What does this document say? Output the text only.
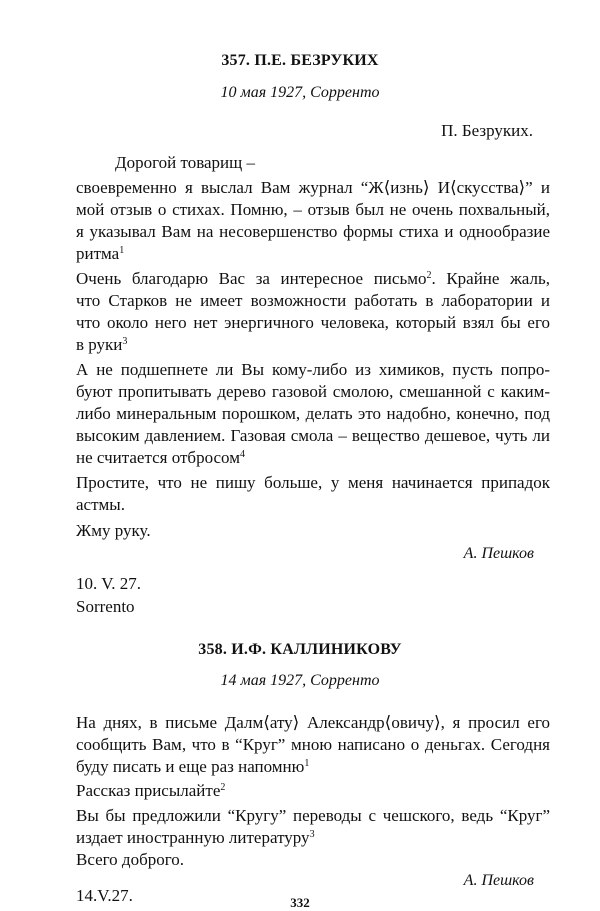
357. П.Е. БЕЗРУКИХ
10 мая 1927, Сорренто
П. Безруких.
Дорогой товарищ –
своевременно я выслал Вам журнал “Ж⟨изнь⟩ И⟨скусства⟩” и
мой отзыв о стихах. Помню, – отзыв был не очень похвальный,
я указывал Вам на несовершенство формы стиха и однообразие
ритма$^1$
Очень благодарю Вас за интересное письмо$^2$. Крайне жаль,
что Старков не имеет возможности работать в лаборатории и
что около него нет энергичного человека, который взял бы его
в руки$^3$
А не подшепнете ли Вы кому-либо из химиков, пусть попро-
буют пропитывать дерево газовой смолою, смешанной с каким-
либо минеральным порошком, делать это надобно, конечно, под
высоким давлением. Газовая смола – вещество дешевое, чуть ли
не считается отбросом$^4$
Простите, что не пишу больше, у меня начинается припадок
астмы.
Жму руку.
А. Пешков
10. V. 27.
Sorrento
358. И.Ф. КАЛЛИНИКОВУ
14 мая 1927, Сорренто
На днях, в письме Далм⟨ату⟩ Александр⟨овичу⟩, я просил его
сообщить Вам, что в “Круг” мною написано о деньгах. Сегодня
буду писать и еще раз напомню$^1$
Рассказ присылайте$^2$
Вы бы предложили “Кругу” переводы с чешского, ведь “Круг”
издает иностранную литературу$^3$
Всего доброго.
А. Пешков
14.V.27.	332
